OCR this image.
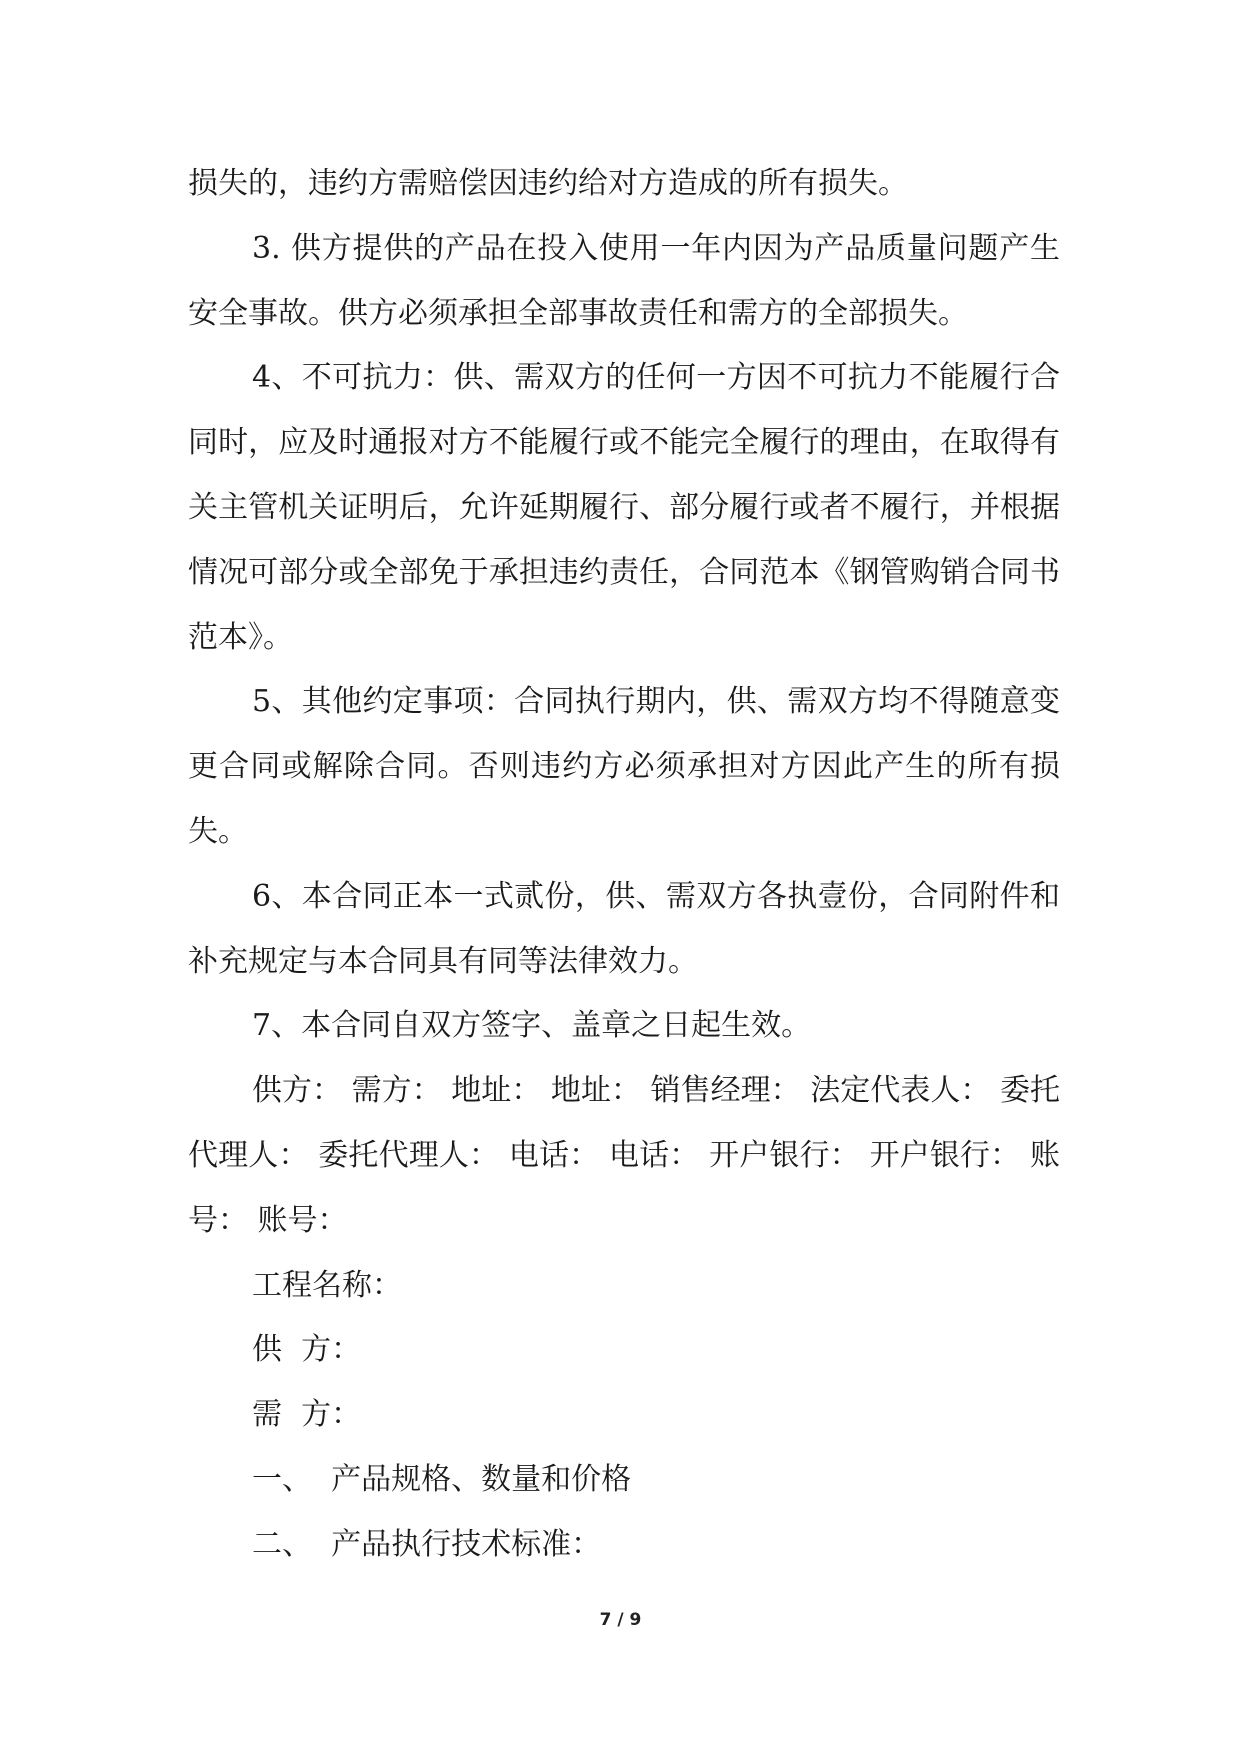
损失的，违约方需赔偿因违约给对方造成的所有损失。

3. 供方提供的产品在投入使用一年内因为产品质量问题产生安全事故。供方必须承担全部事故责任和需方的全部损失。

4、不可抗力：供、需双方的任何一方因不可抗力不能履行合同时，应及时通报对方不能履行或不能完全履行的理由，在取得有关主管机关证明后，允许延期履行、部分履行或者不履行，并根据情况可部分或全部免于承担违约责任，合同范本《钢管购销合同书范本》。

5、其他约定事项：合同执行期内，供、需双方均不得随意变更合同或解除合同。否则违约方必须承担对方因此产生的所有损失。

6、本合同正本一式贰份，供、需双方各执壹份，合同附件和补充规定与本合同具有同等法律效力。

7、本合同自双方签字、盖章之日起生效。

供方： 需方： 地址： 地址： 销售经理： 法定代表人： 委托代理人： 委托代理人： 电话： 电话： 开户银行： 开户银行： 账号： 账号：

工程名称：

供  方：

需  方：

一、  产品规格、数量和价格

二、  产品执行技术标准：

7 / 9
